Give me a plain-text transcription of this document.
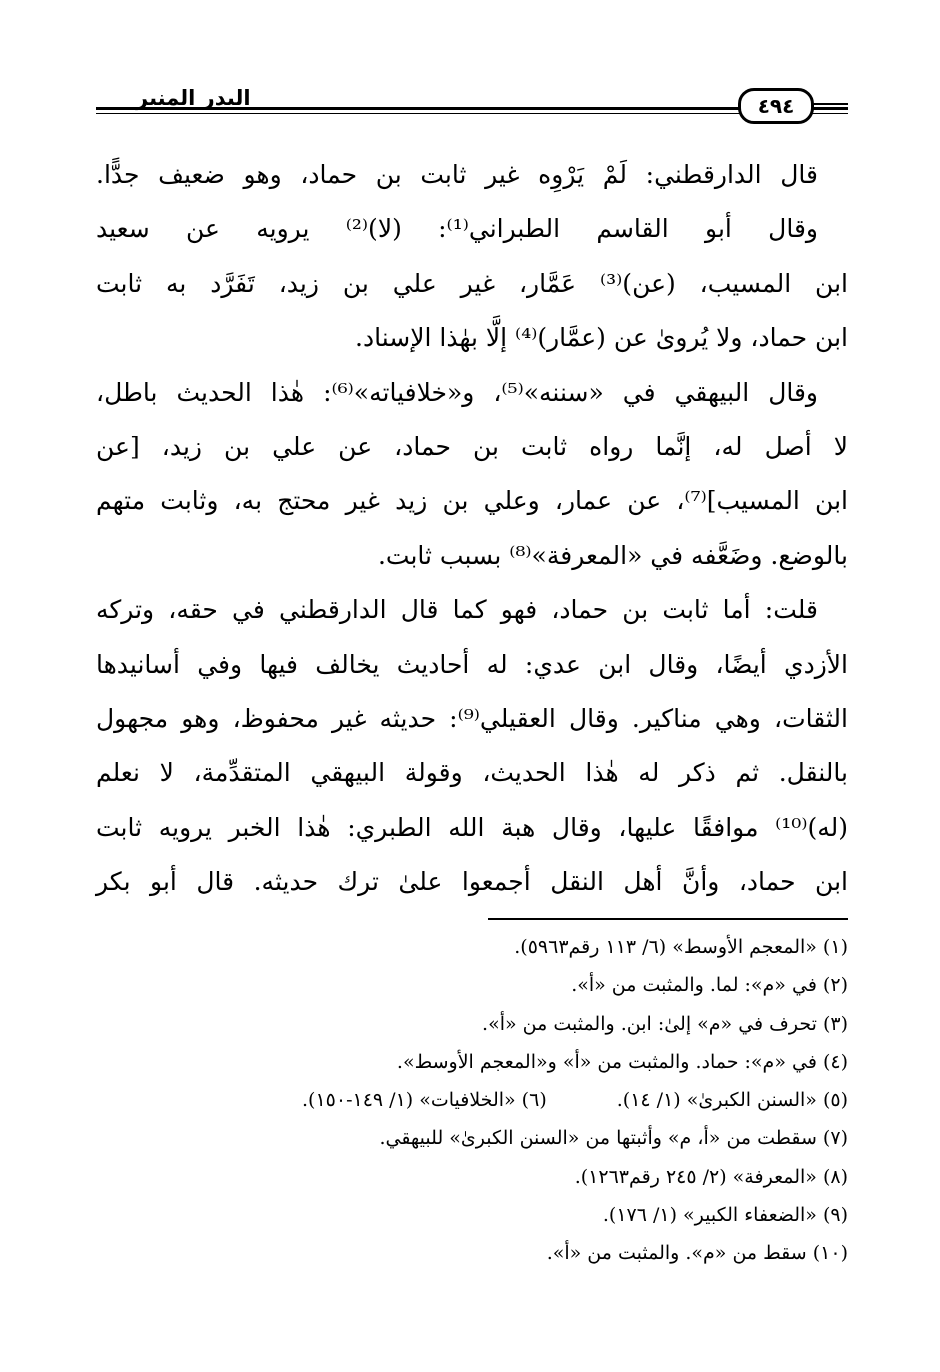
البدر المنير	٤٩٤

قال الدارقطني: لَمْ يَرْوِه غير ثابت بن حماد، وهو ضعيف جدًّا.

وقال أبو القاسم الطبراني⁽¹⁾: (لا)⁽²⁾ يرويه عن سعيد

ابن المسيب، (عن)⁽³⁾ عَمَّار، غير علي بن زيد، تَفَرَّد به ثابت

ابن حماد، ولا يُروىٰ عن (عمَّار)⁽⁴⁾ إلَّا بهٰذا الإسناد.

وقال البيهقي في «سننه»⁽⁵⁾، و«خلافياته»⁽⁶⁾: هٰذا الحديث باطل،

لا أصل له، إنَّما رواه ثابت بن حماد، عن علي بن زيد، [عن

ابن المسيب]⁽⁷⁾، عن عمار، وعلي بن زيد غير محتج به، وثابت متهم

بالوضع. وضَعَّفه في «المعرفة»⁽⁸⁾ بسبب ثابت.

قلت: أما ثابت بن حماد، فهو كما قال الدارقطني في حقه، وتركه

الأزدي أيضًا، وقال ابن عدي: له أحاديث يخالف فيها وفي أسانيدها

الثقات، وهي مناكير. وقال العقيلي⁽⁹⁾: حديثه غير محفوظ، وهو مجهول

بالنقل. ثم ذكر له هٰذا الحديث، وقولة البيهقي المتقدِّمة، لا نعلم

(له)⁽¹⁰⁾ موافقًا عليها، وقال هبة الله الطبري: هٰذا الخبر يرويه ثابت

ابن حماد، وأنَّ أهل النقل أجمعوا علىٰ ترك حديثه. قال أبو بكر

(١) «المعجم الأوسط» (٦/ ١١٣ رقم٥٩٦٣).

(٢) في «م»: لما. والمثبت من «أ».

(٣) تحرف في «م» إلىٰ: ابن. والمثبت من «أ».

(٤) في «م»: حماد. والمثبت من «أ» و«المعجم الأوسط».

(٥) «السنن الكبرىٰ» (١/ ١٤).(٦) «الخلافيات» (١/ ١٤٩-١٥٠).

(٧) سقطت من «أ، م» وأثبتها من «السنن الكبرىٰ» للبيهقي.

(٨) «المعرفة» (٢/ ٢٤٥ رقم١٢٦٣).

(٩) «الضعفاء الكبير» (١/ ١٧٦).

(١٠) سقط من «م». والمثبت من «أ».
